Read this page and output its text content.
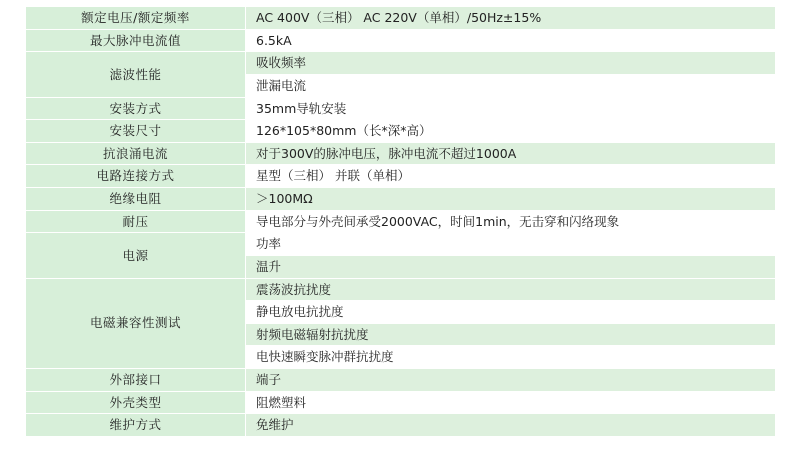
额定电压/额定频率	AC 400V（三相） AC 220V（单相）/50Hz±15%
最大脉冲电流值	6.5kA
滤波性能	吸收频率
	泄漏电流
安装方式	35mm导轨安装
安装尺寸	126*105*80mm（长*深*高）
抗浪涌电流	对于300V的脉冲电压，脉冲电流不超过1000A
电路连接方式	星型（三相） 并联（单相）
绝缘电阻	＞100MΩ
耐压	导电部分与外壳间承受2000VAC，时间1min，无击穿和闪络现象
电源	功率
	温升
电磁兼容性测试	震荡波抗扰度
	静电放电抗扰度
	射频电磁辐射抗扰度
	电快速瞬变脉冲群抗扰度
外部接口	端子
外壳类型	阻燃塑料
维护方式	免维护
